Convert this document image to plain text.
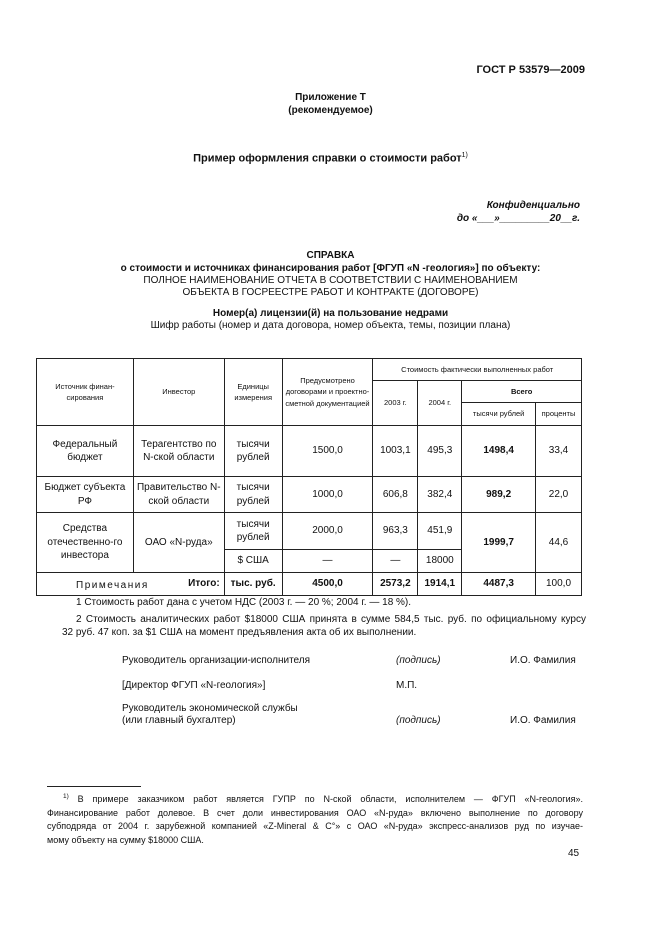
ГОСТ Р 53579—2009
Приложение Т
(рекомендуемое)
Пример оформления справки о стоимости работ$^{1)}$
Конфиденциально
до «___»_________20__г.
СПРАВКА
о стоимости и источниках финансирования работ [ФГУП «N -геология»] по объекту:
ПОЛНОЕ НАИМЕНОВАНИЕ ОТЧЕТА В СООТВЕТСТВИИ С НАИМЕНОВАНИЕМ
ОБЪЕКТА В ГОСРЕЕСТРЕ РАБОТ И КОНТРАКТЕ (ДОГОВОРЕ)
Номер(а) лицензии(й) на пользование недрами
Шифр работы (номер и дата договора, номер объекта, темы, позиции плана)
Источник финан-сирования	Инвестор	Единицы измерения	Предусмотрено договорами и проектно-сметной документацией	Стоимость фактически выполненных работ			
				2003 г.	2004 г.	Всего	
						тысячи рублей	проценты
Федеральный бюджет	Терагентство по N-ской области	тысячи рублей	1500,0	1003,1	495,3	1498,4	33,4
Бюджет субъекта РФ	Правительство N-ской области	тысячи рублей	1000,0	606,8	382,4	989,2	22,0
Средства отечественно-го инвестора	ОАО «N-руда»	тысячи рублей	2000,0	963,3	451,9	1999,7	44,6
		$ США	—	—	18000		
Итого:		тыс. руб.	4500,0	2573,2	1914,1	4487,3	100,0
Примечания
1 Стоимость работ дана с учетом НДС (2003 г. — 20 %; 2004 г. — 18 %).
2 Стоимость аналитических работ $18000 США принята в сумме 584,5 тыс. руб. по официальному курсу
32 руб. 47 коп. за $1 США на момент предъявления акта об их выполнении.
Руководитель организации-исполнителя	(подпись)	И.О. Фамилия
[Директор ФГУП «N-геология»]	М.П.
Руководитель экономической службы
(или главный бухгалтер)	(подпись)	И.О. Фамилия
$^{1)}$ В примере заказчиком работ является ГУПР по N-ской области, исполнителем — ФГУП «N-геология».
Финансирование работ долевое. В счет доли инвестирования ОАО «N-руда» включено выполнение по договору
субподряда от 2004 г. зарубежной компанией «Z-Mineral & C°» с ОАО «N-руда» экспресс-анализов руд по изучае-
мому объекту на сумму $18000 США.
45
